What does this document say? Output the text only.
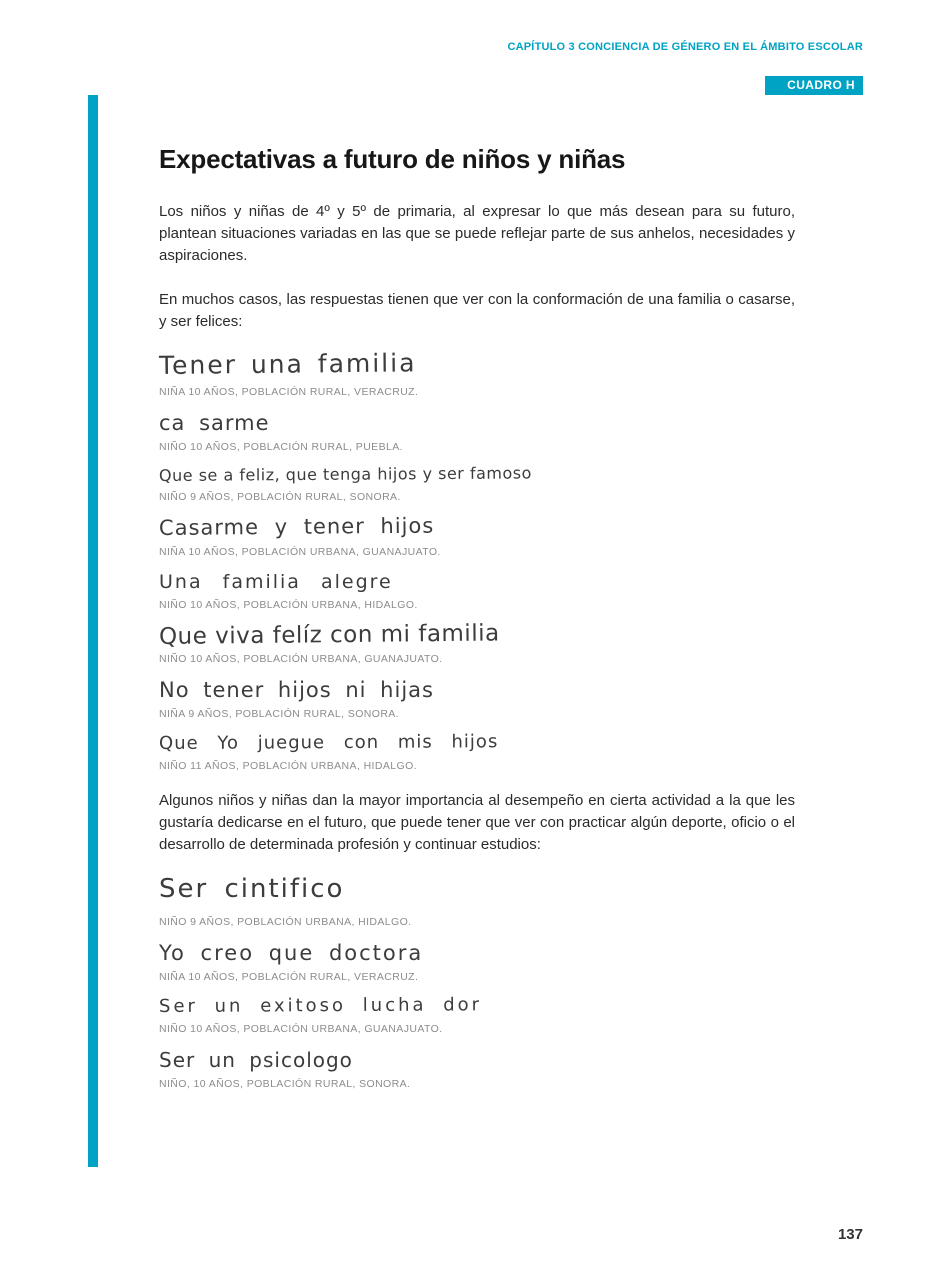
CAPÍTULO 3 CONCIENCIA DE GÉNERO EN EL ÁMBITO ESCOLAR
CUADRO H
Expectativas a futuro de niños y niñas

Los niños y niñas de 4º y 5º de primaria, al expresar lo que más desean para su futuro, plantean situaciones variadas en las que se puede reflejar parte de sus anhelos, necesidades y aspiraciones.

En muchos casos, las respuestas tienen que ver con la conformación de una familia o casarse, y ser felices:

Tener una familia
NIÑA 10 AÑOS, POBLACIÓN RURAL, VERACRUZ.
ca sarme
NIÑO 10 AÑOS, POBLACIÓN RURAL, PUEBLA.
Que se a feliz, que tenga hijos y ser famoso
NIÑO 9 AÑOS, POBLACIÓN RURAL, SONORA.
Casarme y tener hijos
NIÑA 10 AÑOS, POBLACIÓN URBANA, GUANAJUATO.
Una familia alegre
NIÑO 10 AÑOS, POBLACIÓN URBANA, HIDALGO.
Que viva felíz con mi familia
NIÑO 10 AÑOS, POBLACIÓN URBANA, GUANAJUATO.
No tener hijos ni hijas
NIÑA 9 AÑOS, POBLACIÓN RURAL, SONORA.
Que Yo juegue con mis hijos
NIÑO 11 AÑOS, POBLACIÓN URBANA, HIDALGO.

Algunos niños y niñas dan la mayor importancia al desempeño en cierta actividad a la que les gustaría dedicarse en el futuro, que puede tener que ver con practicar algún deporte, oficio o el desarrollo de determinada profesión y continuar estudios:

Ser cintifico
NIÑO 9 AÑOS, POBLACIÓN URBANA, HIDALGO.
Yo creo que doctora
NIÑA 10 AÑOS, POBLACIÓN RURAL, VERACRUZ.
Ser un exitoso lucha dor
NIÑO 10 AÑOS, POBLACIÓN URBANA, GUANAJUATO.
Ser un psicologo
NIÑO, 10 AÑOS, POBLACIÓN RURAL, SONORA.
137
